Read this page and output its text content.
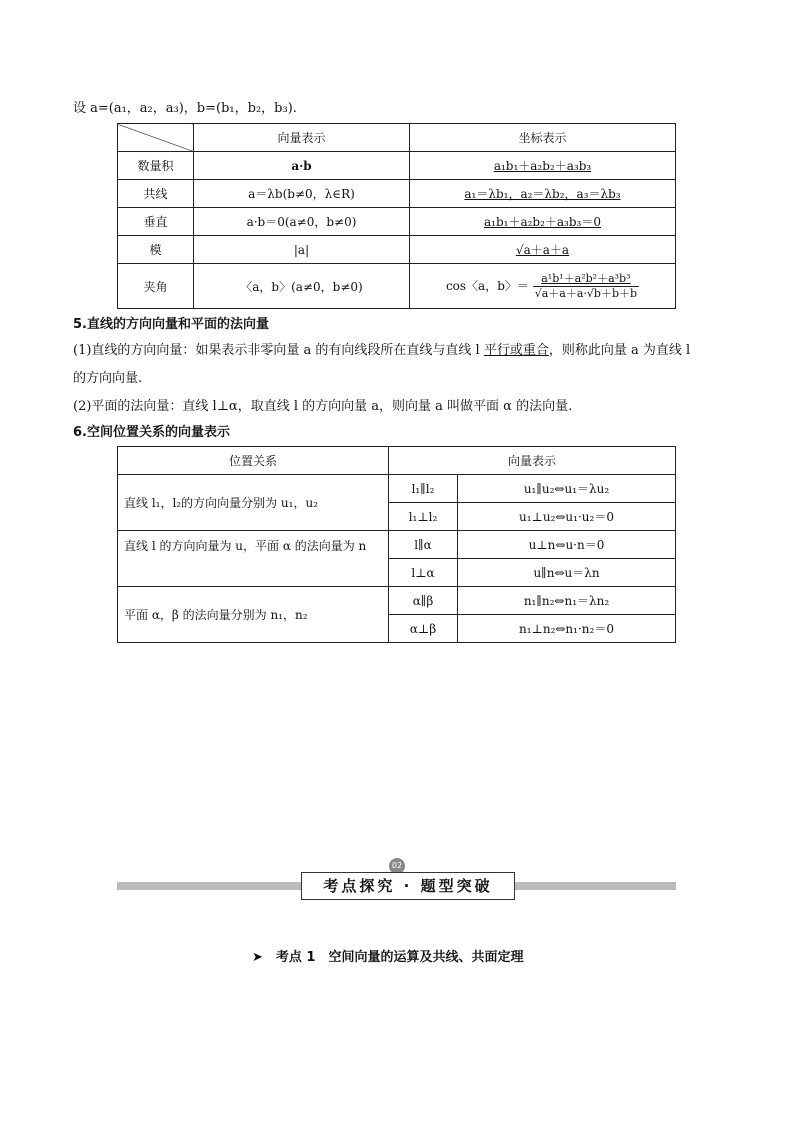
设 a=(a₁，a₂，a₃)，b=(b₁，b₂，b₃).
	向量表示	坐标表示
数量积	a·b	a₁b₁＋a₂b₂＋a₃b₃
共线	a＝λb(b≠0，λ∈R)	a₁＝λb₁，a₂＝λb₂，a₃＝λb₃
垂直	a·b＝0(a≠0，b≠0)	a₁b₁＋a₂b₂＋a₃b₃＝0
模	|a|	√a＋a＋a
夹角	〈a，b〉(a≠0，b≠0)	cos〈a，b〉＝ $\frac{\text{a¹b¹＋a²b²＋a³b³}}{√a+a+a\cdot√b+b+b}$
5.直线的方向向量和平面的法向量
(1)直线的方向向量：如果表示非零向量 a 的有向线段所在直线与直线 l 平行或重合，则称此向量 a 为直线 l
的方向向量.
(2)平面的法向量：直线 l⊥α，取直线 l 的方向向量 a，则向量 a 叫做平面 α 的法向量.
6.空间位置关系的向量表示
位置关系	向量表示	
直线 l₁，l₂的方向向量分别为 u₁，u₂	l₁∥l₂	u₁∥u₂⇔u₁＝λu₂
	l₁⊥l₂	u₁⊥u₂⇔u₁·u₂＝0
直线 l 的方向向量为 u，平面 α 的法向量为 n	l∥α	u⊥n⇔u·n＝0
	l⊥α	u∥n⇔u＝λn
平面 α，β 的法向量分别为 n₁，n₂	α∥β	n₁∥n₂⇔n₁＝λn₂
	α⊥β	n₁⊥n₂⇔n₁·n₂＝0
02
考点探究 · 题型突破
➤　考点 1　空间向量的运算及共线、共面定理
